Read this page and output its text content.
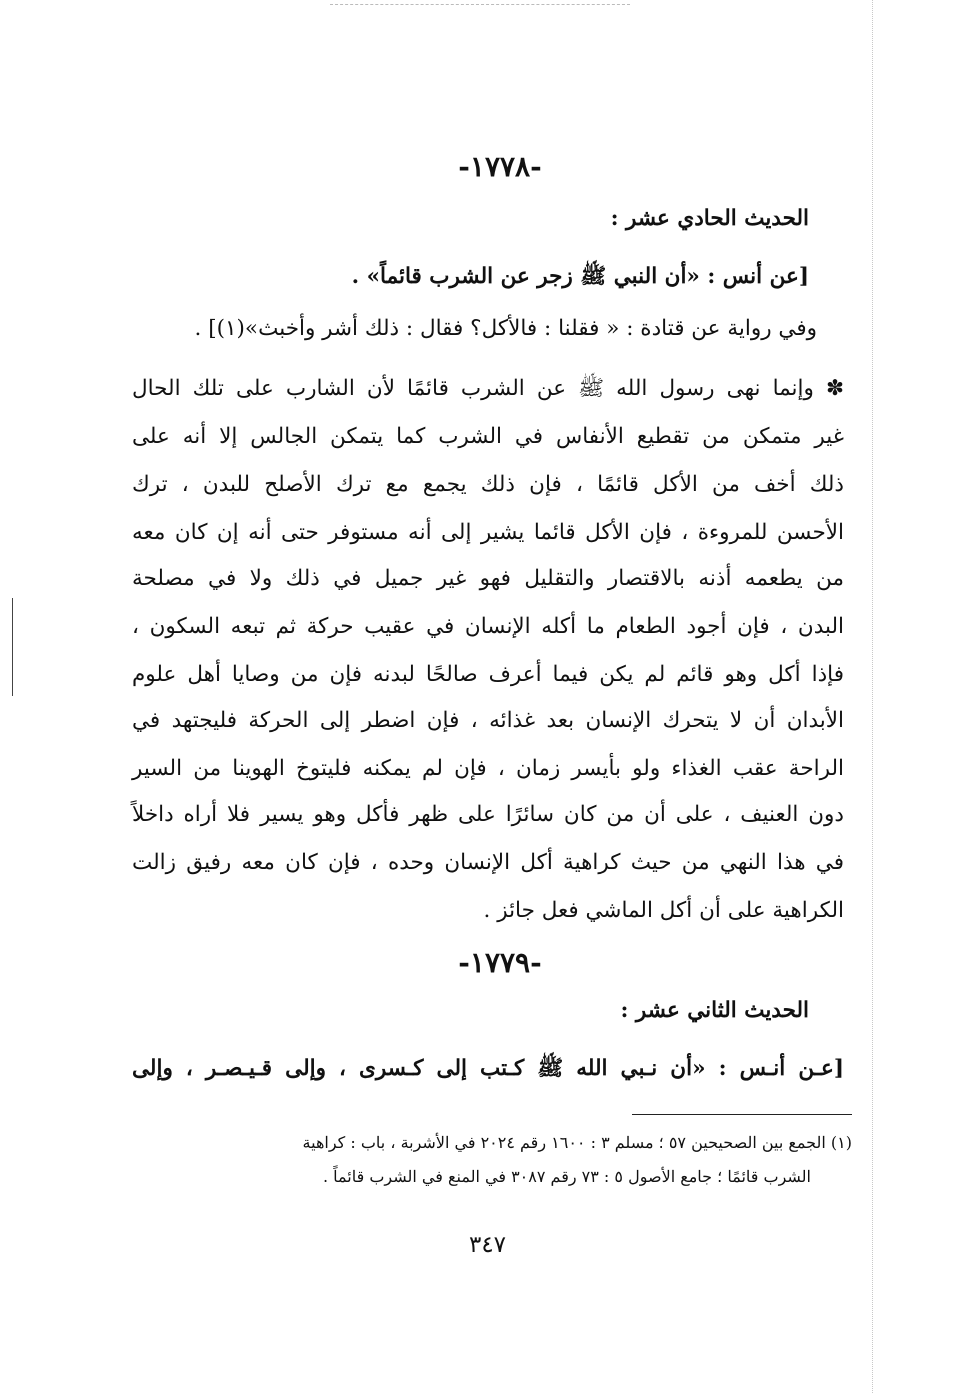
-١٧٧٨-
الحديث الحادي عشر :
[عن أنس : «أن النبي ﷺ زجر عن الشرب قائماً» .
وفي رواية عن قتادة : « فقلنا : فالأكل؟ فقال : ذلك أشر وأخبث»(١)] .
✽ وإنما نهى رسول الله ﷺ عن الشرب قائمًا لأن الشارب على تلك الحال
غير متمكن من تقطيع الأنفاس في الشرب كما يتمكن الجالس إلا أنه على
ذلك أخف من الأكل قائمًا ، فإن ذلك يجمع مع ترك الأصلح للبدن ، ترك
الأحسن للمروءة ، فإن الأكل قائما يشير إلى أنه مستوفر حتى أنه إن كان معه
من يطعمه أذنه بالاقتصار والتقليل فهو غير جميل في ذلك ولا في مصلحة
البدن ، فإن أجود الطعام ما أكله الإنسان في عقيب حركة ثم تبعه السكون ،
فإذا أكل وهو قائم لم يكن فيما أعرف صالحًا لبدنه فإن من وصايا أهل علوم
الأبدان أن لا يتحرك الإنسان بعد غذائه ، فإن اضطر إلى الحركة فليجتهد في
الراحة عقب الغذاء ولو بأيسر زمان ، فإن لم يمكنه فليتوخ الهوينا من السير
دون العنيف ، على أن من كان سائرًا على ظهر فأكل وهو يسير فلا أراه داخلاً
في هذا النهي من حيث كراهية أكل الإنسان وحده ، فإن كان معه رفيق زالت
الكراهية على أن أكل الماشي فعل جائز .
-١٧٧٩-
الحديث الثاني عشر :
[عـن أنـس : «أن نـبي الله ﷺ كـتب إلى كـسرى ، وإلى قـيـصـر ، وإلى
(١) الجمع بين الصحيحين ٥٧ ؛ مسلم ٣ : ١٦٠٠ رقم ٢٠٢٤ في الأشربة ، باب : كراهية
الشرب قائمًا ؛ جامع الأصول ٥ : ٧٣ رقم ٣٠٨٧ في المنع في الشرب قائماً .
٣٤٧
